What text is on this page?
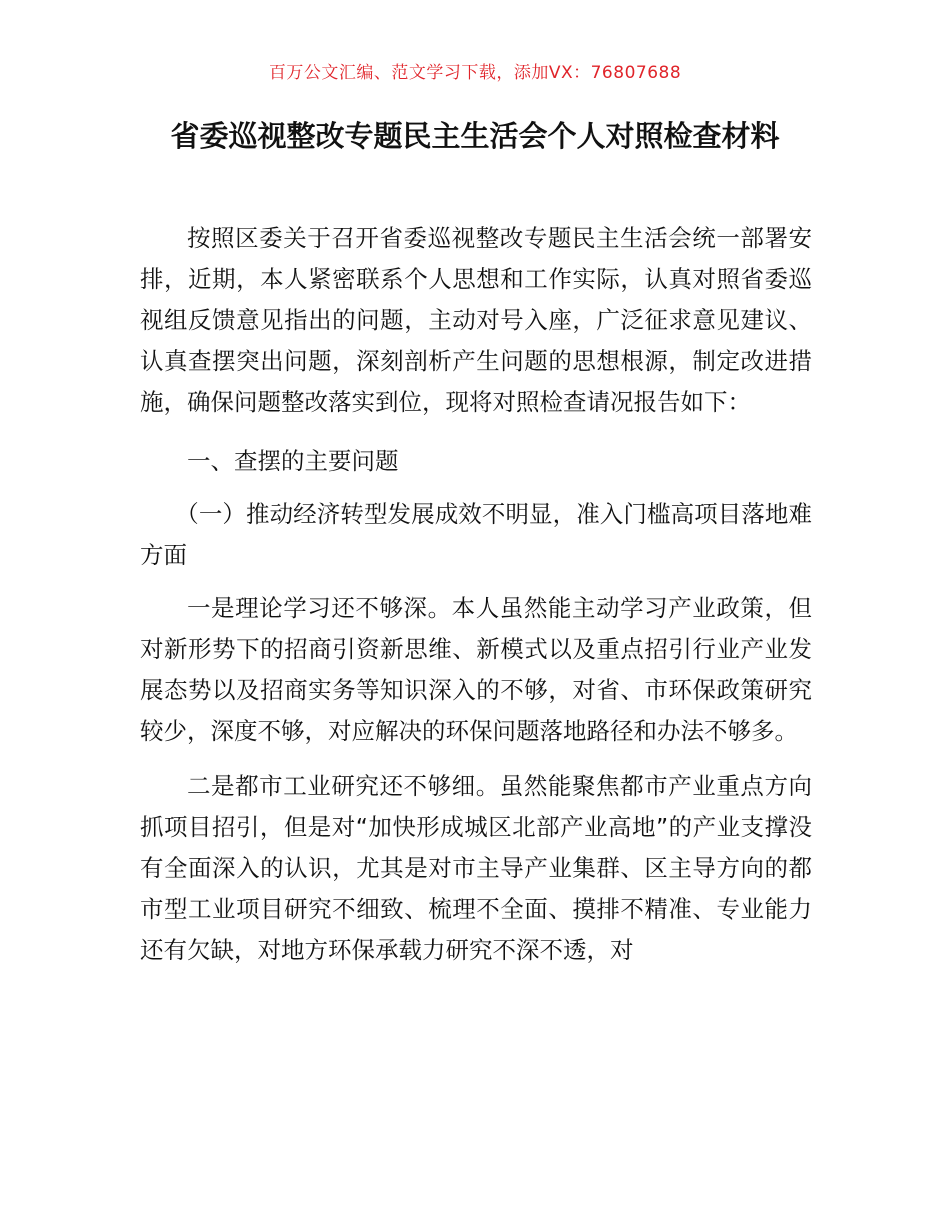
百万公文汇编、范文学习下载，添加VX：76807688
省委巡视整改专题民主生活会个人对照检查材料

按照区委关于召开省委巡视整改专题民主生活会统一部署安排，近期，本人紧密联系个人思想和工作实际，认真对照省委巡视组反馈意见指出的问题，主动对号入座，广泛征求意见建议、认真查摆突出问题，深刻剖析产生问题的思想根源，制定改进措施，确保问题整改落实到位，现将对照检查请况报告如下：

一、查摆的主要问题

（一）推动经济转型发展成效不明显，准入门槛高项目落地难方面

一是理论学习还不够深。本人虽然能主动学习产业政策，但对新形势下的招商引资新思维、新模式以及重点招引行业产业发展态势以及招商实务等知识深入的不够，对省、市环保政策研究较少，深度不够，对应解决的环保问题落地路径和办法不够多。

二是都市工业研究还不够细。虽然能聚焦都市产业重点方向抓项目招引，但是对“加快形成城区北部产业高地”的产业支撑没有全面深入的认识，尤其是对市主导产业集群、区主导方向的都市型工业项目研究不细致、梳理不全面、摸排不精准、专业能力还有欠缺，对地方环保承载力研究不深不透，对
